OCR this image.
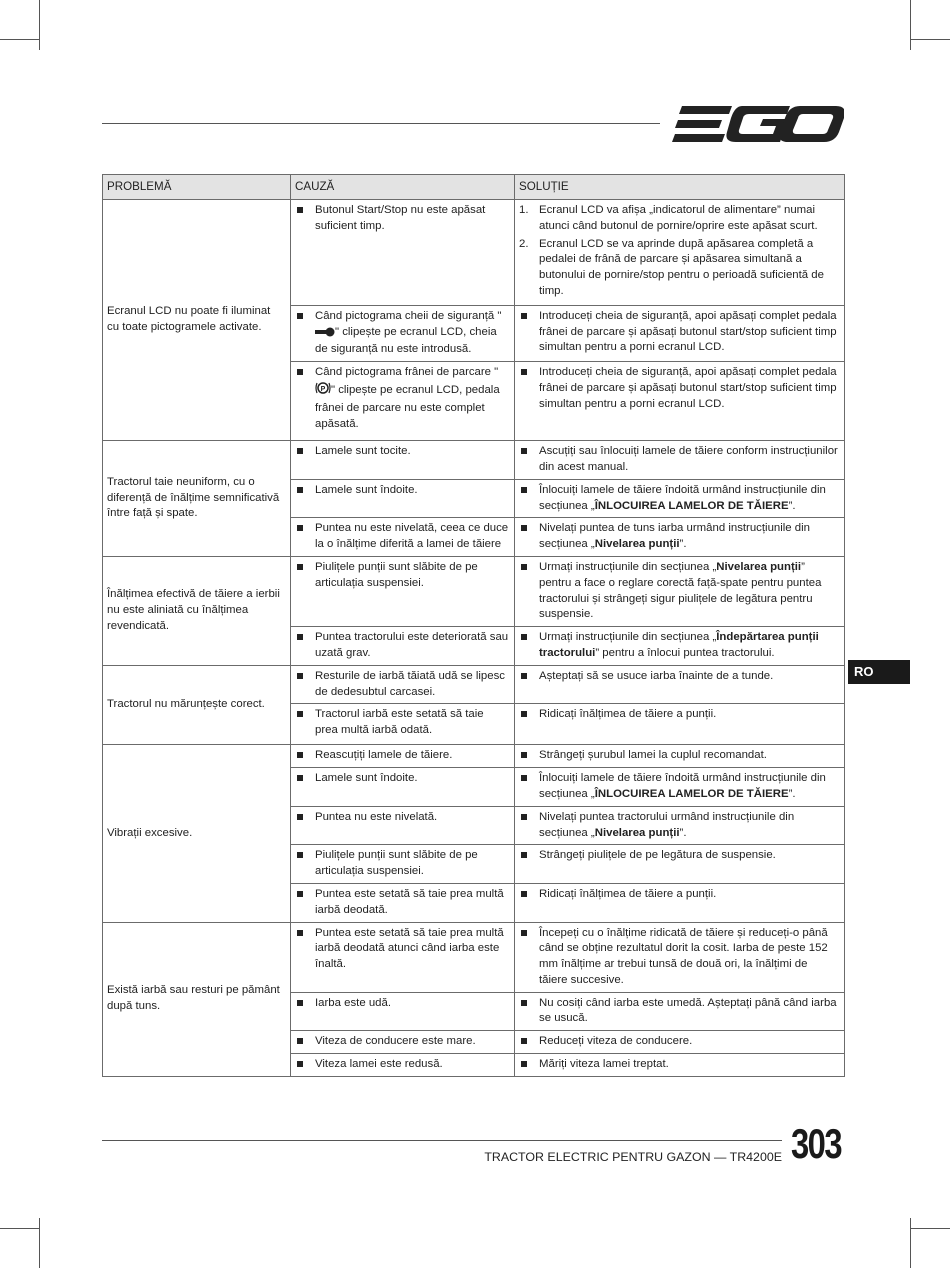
PROBLEMĂ	CAUZĂ	SOLUȚIE
Ecranul LCD nu poate fi iluminat cu toate pictogramele activate.	Butonul Start/Stop nu este apăsat suficient timp.	1. Ecranul LCD va afișa „indicatorul de alimentare” numai atunci când butonul de pornire/oprire este apăsat scurt.
2. Ecranul LCD se va aprinde după apăsarea completă a pedalei de frână de parcare și apăsarea simultană a butonului de pornire/stop pentru o perioadă suficientă de timp.

Când pictograma cheii de siguranță "" clipește pe ecranul LCD, cheia de siguranță nu este introdusă.	Introduceți cheia de siguranță, apoi apăsați complet pedala frânei de parcare și apăsați butonul start/stop suficient timp simultan pentru a porni ecranul LCD.

Când pictograma frânei de parcare "
P " clipește pe ecranul LCD, pedala frânei de parcare nu este complet apăsată.	Introduceți cheia de siguranță, apoi apăsați complet pedala frânei de parcare și apăsați butonul start/stop suficient timp simultan pentru a porni ecranul LCD.
Tractorul taie neuniform, cu o diferență de înălțime semnificativă între față și spate.	Lamele sunt tocite.	Ascuțiți sau înlocuiți lamele de tăiere conform instrucțiunilor din acest manual.

Lamele sunt îndoite.	Înlocuiți lamele de tăiere îndoită urmând instrucțiunile din secțiunea „ÎNLOCUIREA LAMELOR DE TĂIERE”.

Puntea nu este nivelată, ceea ce duce la o înălțime diferită a lamei de tăiere	Nivelați puntea de tuns iarba urmând instrucțiunile din secțiunea „Nivelarea punții”.
Înălțimea efectivă de tăiere a ierbii nu este aliniată cu înălțimea revendicată.	Piulițele punții sunt slăbite de pe articulația suspensiei.	Urmați instrucțiunile din secțiunea „Nivelarea punții” pentru a face o reglare corectă față-spate pentru puntea tractorului și strângeți sigur piulițele de legătura pentru suspensie.

Puntea tractorului este deteriorată sau uzată grav.	Urmați instrucțiunile din secțiunea „Îndepărtarea punții tractorului” pentru a înlocui puntea tractorului.
Tractorul nu mărunțește corect.	Resturile de iarbă tăiată udă se lipesc de dedesubtul carcasei.	Așteptați să se usuce iarba înainte de a tunde.

Tractorul iarbă este setată să taie prea multă iarbă odată.	Ridicați înălțimea de tăiere a punții.
Vibrații excesive.	Reascuțiți lamele de tăiere.	Strângeți șurubul lamei la cuplul recomandat.

Lamele sunt îndoite.	Înlocuiți lamele de tăiere îndoită urmând instrucțiunile din secțiunea „ÎNLOCUIREA LAMELOR DE TĂIERE”.

Puntea nu este nivelată.	Nivelați puntea tractorului urmând instrucțiunile din secțiunea „Nivelarea punții”.

Piulițele punții sunt slăbite de pe articulația suspensiei.	Strângeți piulițele de pe legătura de suspensie.

Puntea este setată să taie prea multă iarbă deodată.	Ridicați înălțimea de tăiere a punții.
Există iarbă sau resturi pe pământ după tuns.	Puntea este setată să taie prea multă iarbă deodată atunci când iarba este înaltă.	Începeți cu o înălțime ridicată de tăiere și reduceți-o până când se obține rezultatul dorit la cosit. Iarba de peste 152 mm înălțime ar trebui tunsă de două ori, la înălțimi de tăiere succesive.

Iarba este udă.	Nu cosiți când iarba este umedă. Așteptați până când iarba se usucă.

Viteza de conducere este mare.	Reduceți viteza de conducere.

Viteza lamei este redusă.	Măriți viteza lamei treptat.
RO
TRACTOR ELECTRIC PENTRU GAZON — TR4200E 303
